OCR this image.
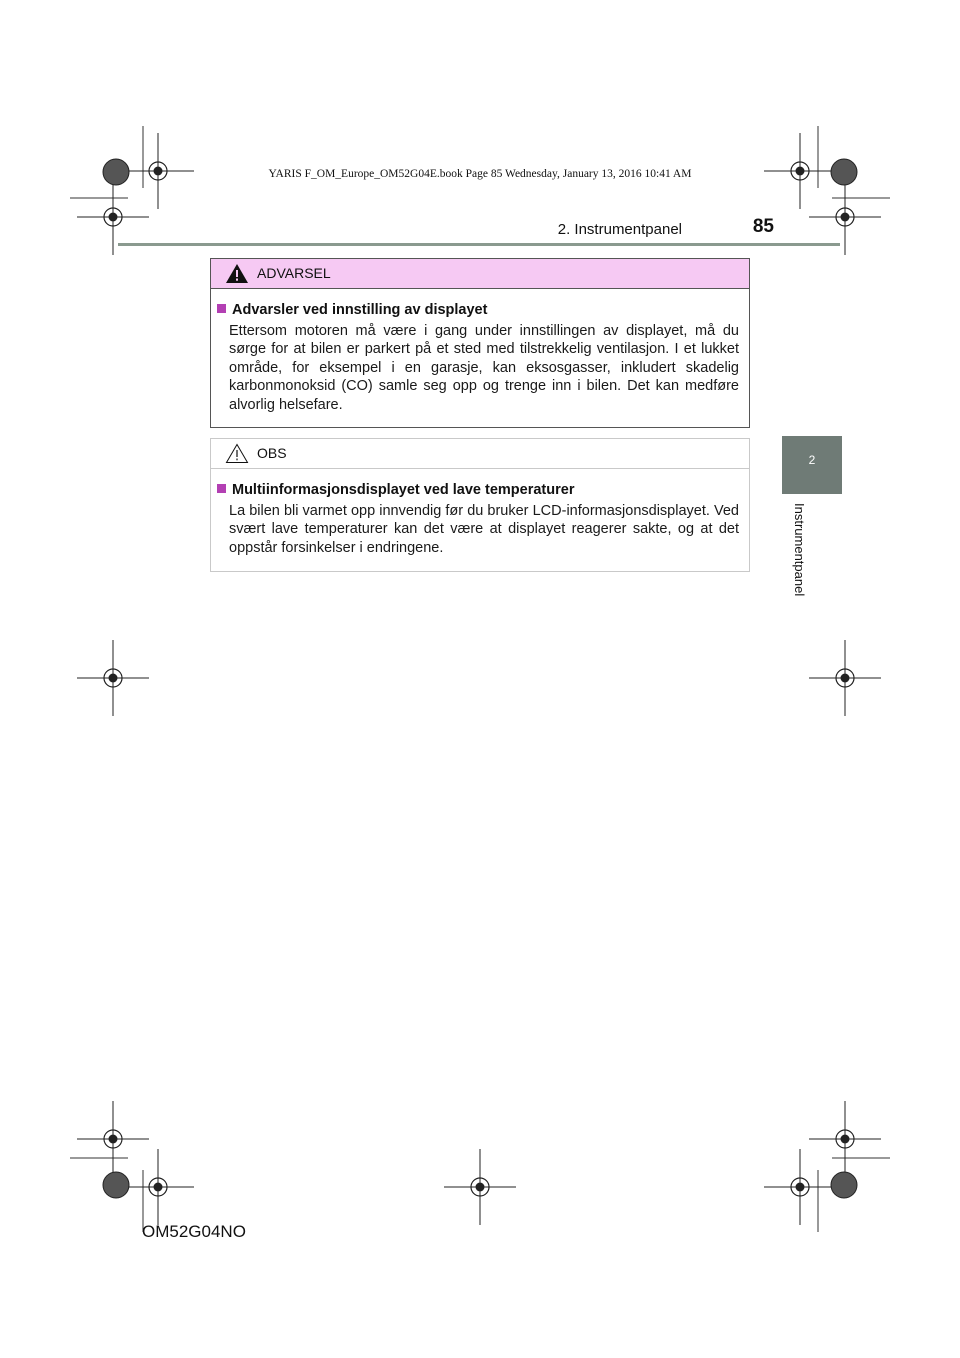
YARIS F_OM_Europe_OM52G04E.book Page 85 Wednesday, January 13, 2016 10:41 AM
2. Instrumentpanel	85
2
Instrumentpanel
ADVARSEL
Advarsler ved innstilling av displayet
Ettersom motoren må være i gang under innstillingen av displayet, må du sørge for at bilen er parkert på et sted med tilstrekkelig ventilasjon. I et lukket område, for eksempel i en garasje, kan eksosgasser, inkludert skadelig karbonmonoksid (CO) samle seg opp og trenge inn i bilen. Det kan medføre alvorlig helsefare.
OBS
Multiinformasjonsdisplayet ved lave temperaturer
La bilen bli varmet opp innvendig før du bruker LCD-informasjonsdisplayet. Ved svært lave temperaturer kan det være at displayet reagerer sakte, og at det oppstår forsinkelser i endringene.
OM52G04NO
